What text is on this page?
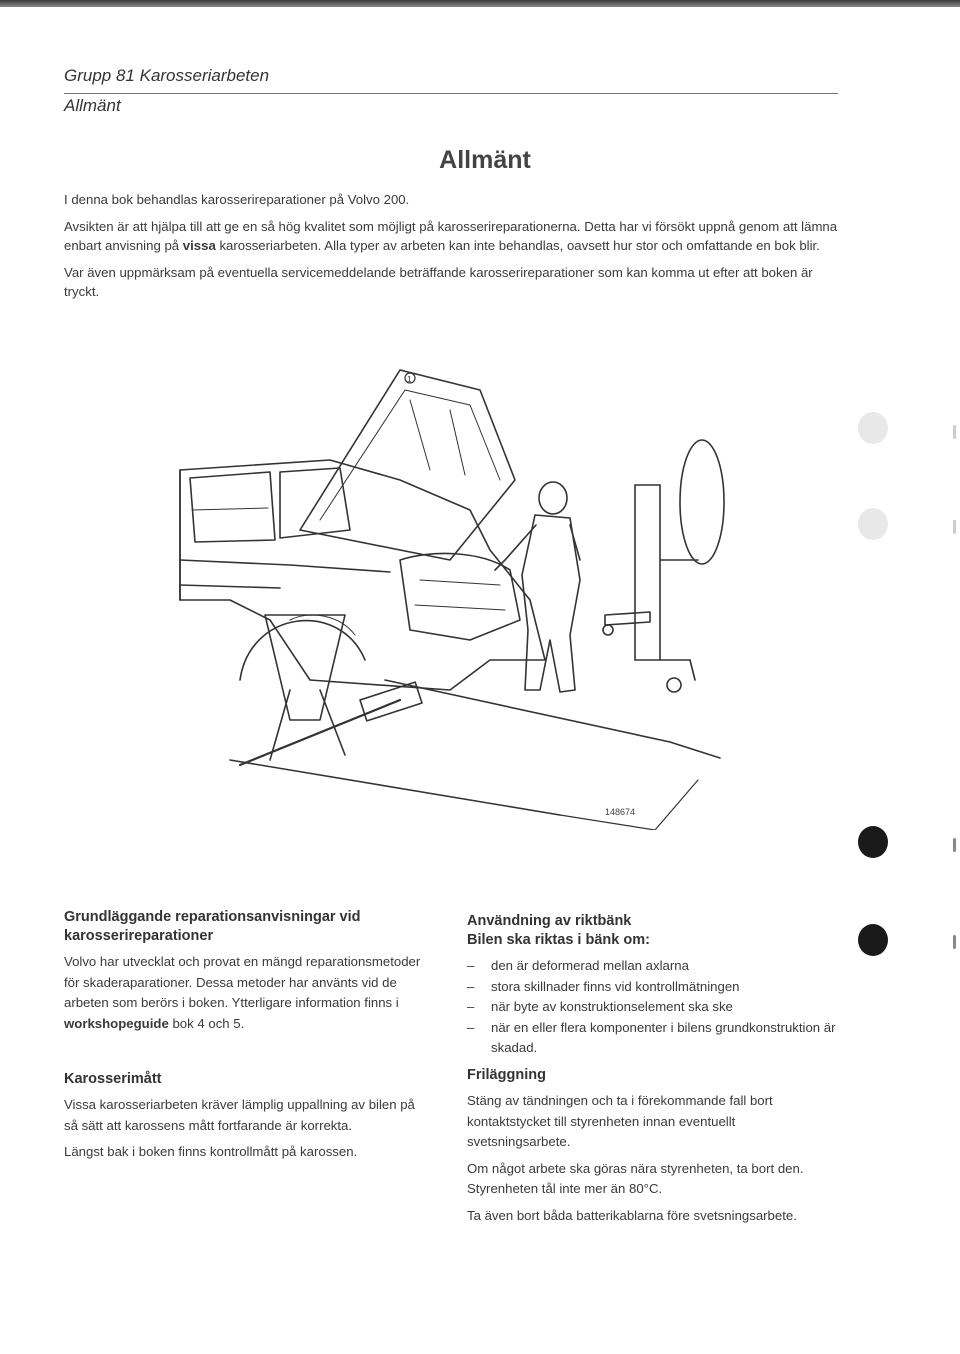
Grupp 81 Karosseriarbeten
Allmänt
Allmänt

I denna bok behandlas karosserireparationer på Volvo 200.

Avsikten är att hjälpa till att ge en så hög kvalitet som möjligt på karosserireparationerna. Detta har vi försökt uppnå genom att lämna enbart anvisning på vissa karosseriarbeten. Alla typer av arbeten kan inte behandlas, oavsett hur stor och omfattande en bok blir.

Var även uppmärksam på eventuella servicemeddelande beträffande karosserireparationer som kan komma ut efter att boken är tryckt.

1
148674
Grundläggande reparationsanvisningar vid karosserireparationer

Volvo har utvecklat och provat en mängd reparationsmetoder för skaderaparationer. Dessa metoder har använts vid de arbeten som berörs i boken. Ytterligare information finns i workshopeguide bok 4 och 5.

Karosserimått

Vissa karosseriarbeten kräver lämplig uppallning av bilen på så sätt att karossens mått fortfarande är korrekta.

Längst bak i boken finns kontrollmått på karossen.

Användning av riktbänk
Bilen ska riktas i bänk om:
– den är deformerad mellan axlarna
– stora skillnader finns vid kontrollmätningen
– när byte av konstruktionselement ska ske
– när en eller flera komponenter i bilens grundkonstruktion är skadad.
Friläggning

Stäng av tändningen och ta i förekommande fall bort kontaktstycket till styrenheten innan eventuellt svetsningsarbete.

Om något arbete ska göras nära styrenheten, ta bort den. Styrenheten tål inte mer än 80°C.

Ta även bort båda batterikablarna före svetsningsarbete.
